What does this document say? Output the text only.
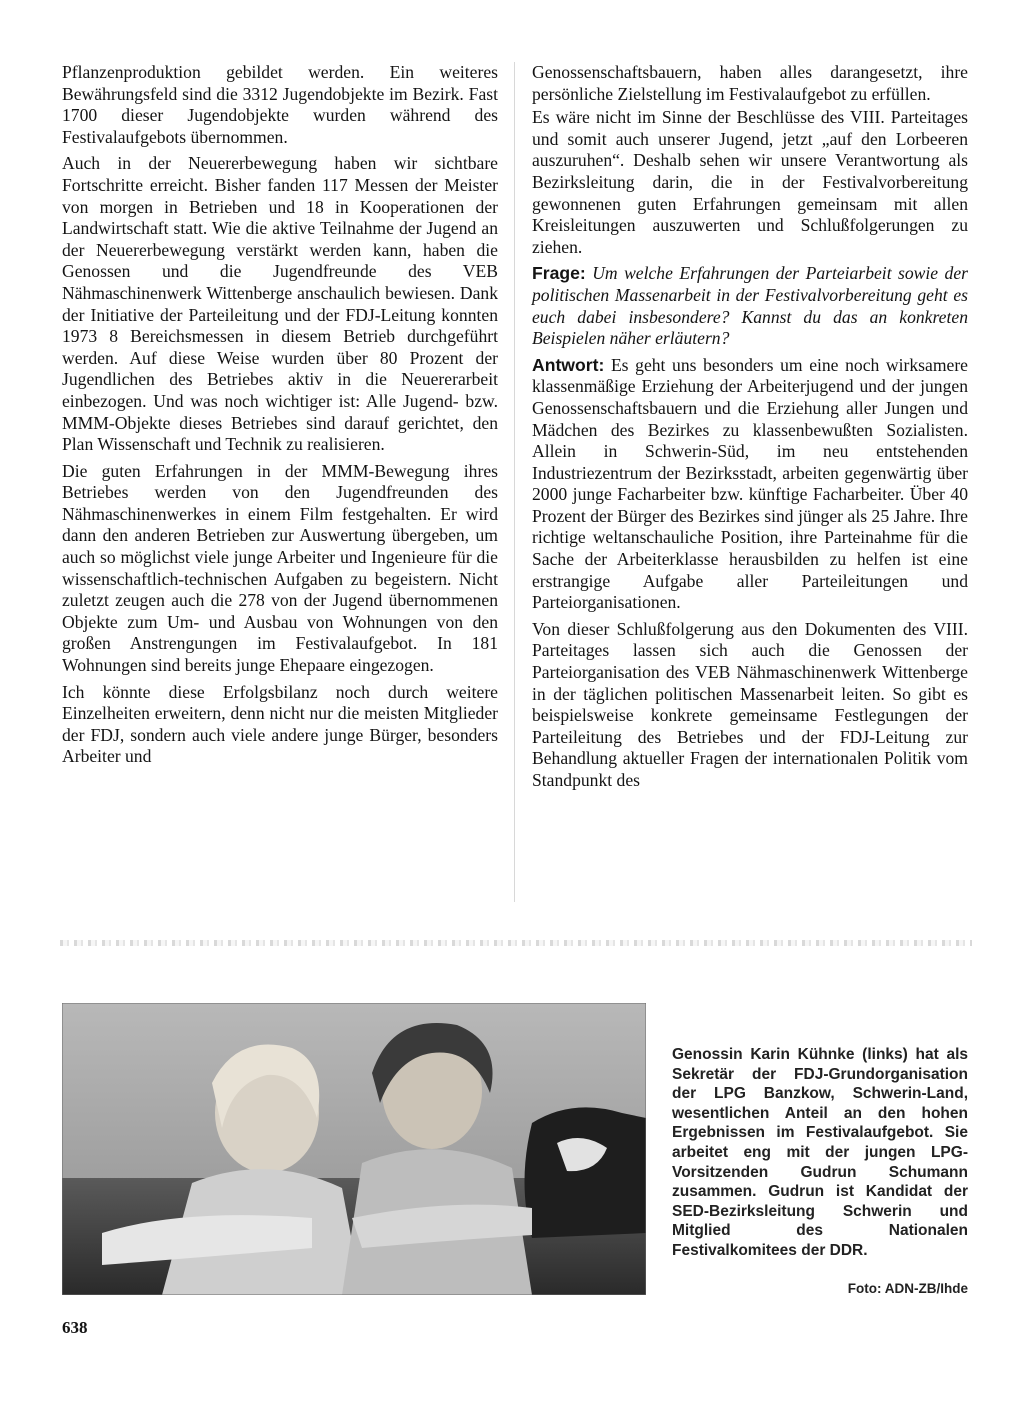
Pflanzenproduktion gebildet werden. Ein weiteres Bewährungsfeld sind die 3312 Jugendobjekte im Bezirk. Fast 1700 dieser Jugendobjekte wurden während des Festivalaufgebots übernommen.

Auch in der Neuererbewegung haben wir sichtbare Fortschritte erreicht. Bisher fanden 117 Messen der Meister von morgen in Betrieben und 18 in Kooperationen der Landwirtschaft statt. Wie die aktive Teilnahme der Jugend an der Neuererbewegung verstärkt werden kann, haben die Genossen und die Jugendfreunde des VEB Nähmaschinenwerk Wittenberge anschaulich bewiesen. Dank der Initiative der Parteileitung und der FDJ-Leitung konnten 1973 8 Bereichsmessen in diesem Betrieb durchgeführt werden. Auf diese Weise wurden über 80 Prozent der Jugendlichen des Betriebes aktiv in die Neuererarbeit einbezogen. Und was noch wichtiger ist: Alle Jugend- bzw. MMM-Objekte dieses Betriebes sind darauf gerichtet, den Plan Wissenschaft und Technik zu realisieren.

Die guten Erfahrungen in der MMM-Bewegung ihres Betriebes werden von den Jugendfreunden des Nähmaschinenwerkes in einem Film festgehalten. Er wird dann den anderen Betrieben zur Auswertung übergeben, um auch so möglichst viele junge Arbeiter und Ingenieure für die wissenschaftlich-technischen Aufgaben zu begeistern. Nicht zuletzt zeugen auch die 278 von der Jugend übernommenen Objekte zum Um- und Ausbau von Wohnungen von den großen Anstrengungen im Festivalaufgebot. In 181 Wohnungen sind bereits junge Ehepaare eingezogen.

Ich könnte diese Erfolgsbilanz noch durch weitere Einzelheiten erweitern, denn nicht nur die meisten Mitglieder der FDJ, sondern auch viele andere junge Bürger, besonders Arbeiter und

Genossenschaftsbauern, haben alles darangesetzt, ihre persönliche Zielstellung im Festivalaufgebot zu erfüllen.

Es wäre nicht im Sinne der Beschlüsse des VIII. Parteitages und somit auch unserer Jugend, jetzt „auf den Lorbeeren auszuruhen“. Deshalb sehen wir unsere Verantwortung als Bezirksleitung darin, die in der Festivalvorbereitung gewonnenen guten Erfahrungen gemeinsam mit allen Kreisleitungen auszuwerten und Schlußfolgerungen zu ziehen.

Frage: Um welche Erfahrungen der Parteiarbeit sowie der politischen Massenarbeit in der Festivalvorbereitung geht es euch dabei insbesondere? Kannst du das an konkreten Beispielen näher erläutern?

Antwort: Es geht uns besonders um eine noch wirksamere klassenmäßige Erziehung der Arbeiterjugend und der jungen Genossenschaftsbauern und die Erziehung aller Jungen und Mädchen des Bezirkes zu klassenbewußten Sozialisten. Allein in Schwerin-Süd, im neu entstehenden Industriezentrum der Bezirksstadt, arbeiten gegenwärtig über 2000 junge Facharbeiter bzw. künftige Facharbeiter. Über 40 Prozent der Bürger des Bezirkes sind jünger als 25 Jahre. Ihre richtige weltanschauliche Position, ihre Parteinahme für die Sache der Arbeiterklasse herausbilden zu helfen ist eine erstrangige Aufgabe aller Parteileitungen und Parteiorganisationen.

Von dieser Schlußfolgerung aus den Dokumenten des VIII. Parteitages lassen sich auch die Genossen der Parteiorganisation des VEB Nähmaschinenwerk Wittenberge in der täglichen politischen Massenarbeit leiten. So gibt es beispielsweise konkrete gemeinsame Festlegungen der Parteileitung des Betriebes und der FDJ-Leitung zur Behandlung aktueller Fragen der internationalen Politik vom Standpunkt des

Genossin Karin Kühnke (links) hat als Sekretär der FDJ-Grundorganisation der LPG Banzkow, Schwerin-Land, wesentlichen Anteil an den hohen Ergebnissen im Festivalaufgebot. Sie arbeitet eng mit der jungen LPG-Vorsitzenden Gudrun Schumann zusammen. Gudrun ist Kandidat der SED-Bezirksleitung Schwerin und Mitglied des Nationalen Festivalkomitees der DDR.
Foto: ADN-ZB/Ihde
638
